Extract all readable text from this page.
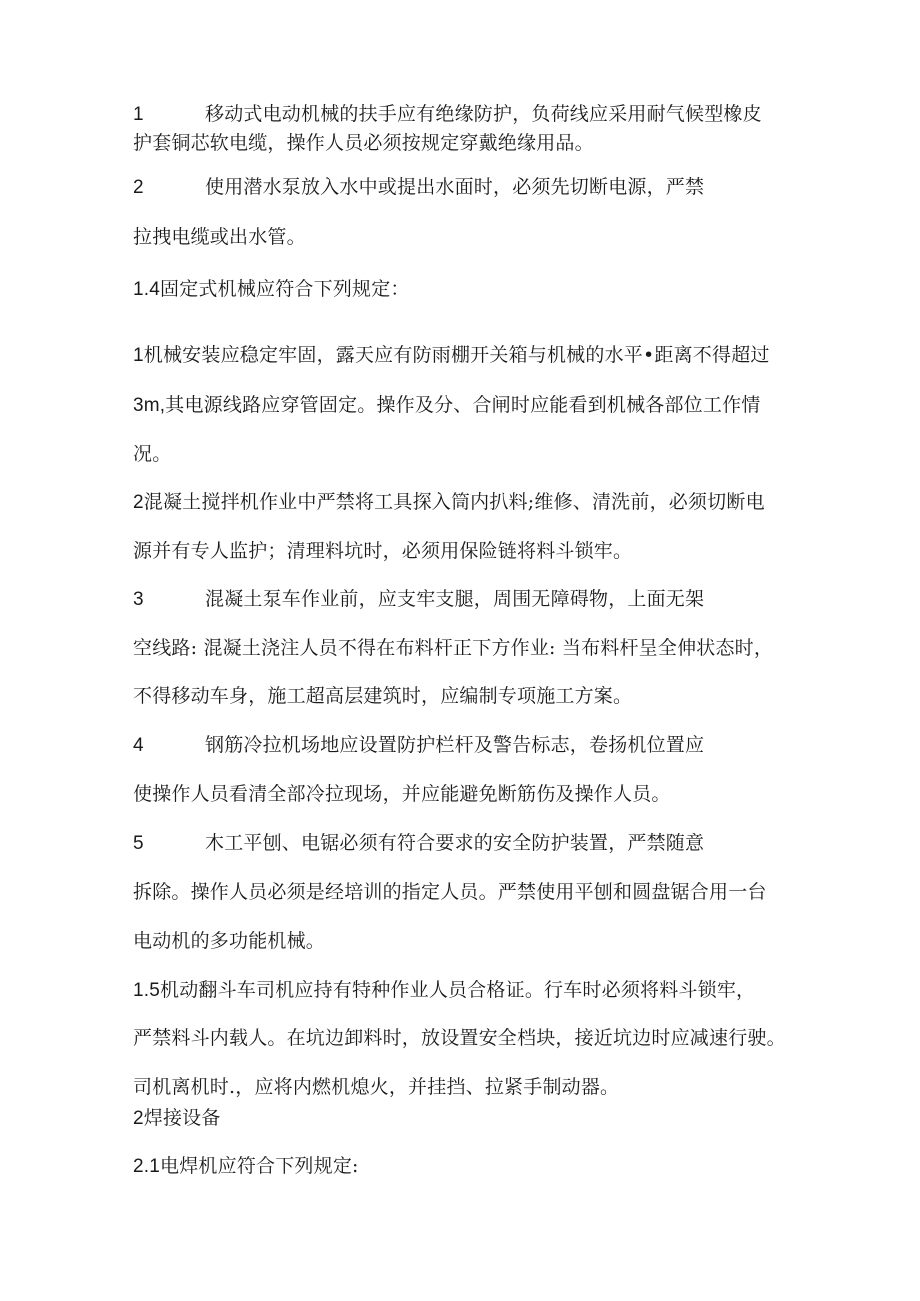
1	移动式电动机械的扶手应有绝缘防护，负荷线应采用耐气候型橡皮
护套铜芯软电缆，操作人员必须按规定穿戴绝缘用品。
2	使用潜水泵放入水中或提出水面时，必须先切断电源，严禁
拉拽电缆或出水管。
1.4固定式机械应符合下列规定：
1机械安装应稳定牢固，露天应有防雨棚开关箱与机械的水平•距离不得超过
3m,其电源线路应穿管固定。操作及分、合闸时应能看到机械各部位工作情
况。
2混凝土搅拌机作业中严禁将工具探入筒内扒料;维修、清洗前，必须切断电
源并有专人监护；清理料坑时，必须用保险链将料斗锁牢。
3	混凝土泵车作业前，应支牢支腿，周围无障碍物，上面无架
空线路: 混凝土浇注人员不得在布料杆正下方作业: 当布料杆呈全伸状态时，
不得移动车身，施工超高层建筑时，应编制专项施工方案。
4	钢筋冷拉机场地应设置防护栏杆及警告标志，卷扬机位置应
使操作人员看清全部冷拉现场，并应能避免断筋伤及操作人员。
5	木工平刨、电锯必须有符合要求的安全防护装置，严禁随意
拆除。操作人员必须是经培训的指定人员。严禁使用平刨和圆盘锯合用一台
电动机的多功能机械。
1.5机动翻斗车司机应持有特种作业人员合格证。行车时必须将料斗锁牢，
严禁料斗内载人。在坑边卸料时，放设置安全档块，接近坑边时应减速行驶。
司机离机时.，应将内燃机熄火，并挂挡、拉紧手制动器。
2焊接设备
2.1电焊机应符合下列规定:
